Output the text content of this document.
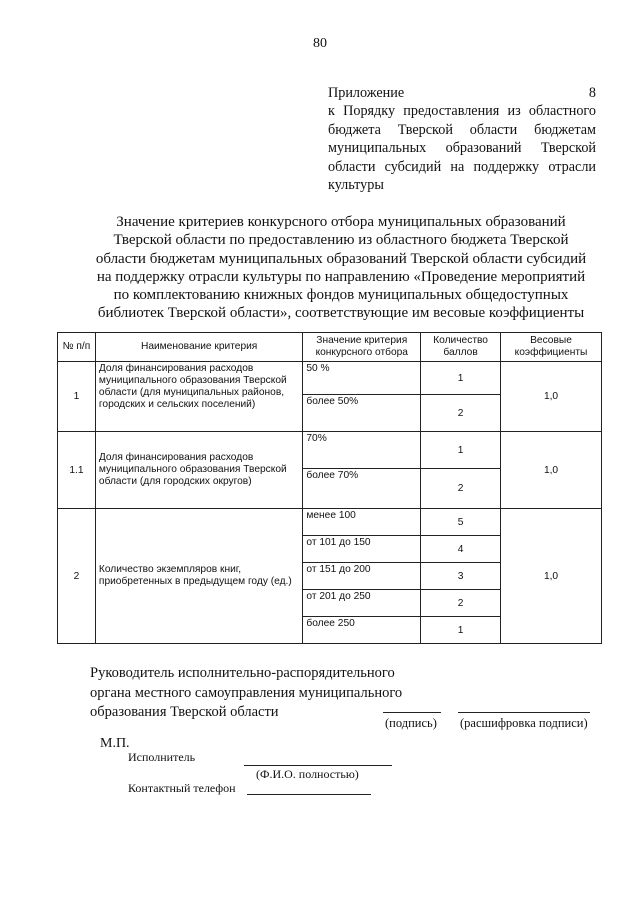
80
Приложение 8
к Порядку предоставления из областного
бюджета Тверской области бюджетам
муниципальных образований Тверской
области субсидий на поддержку отрасли
культуры
Значение критериев конкурсного отбора муниципальных образований
Тверской области по предоставлению из областного бюджета Тверской
области бюджетам муниципальных образований Тверской области субсидий
на поддержку отрасли культуры по направлению «Проведение мероприятий
по комплектованию книжных фондов муниципальных общедоступных
библиотек Тверской области», соответствующие им весовые коэффициенты
№ п/п	Наименование критерия	Значение критерия конкурсного отбора	Количество баллов	Весовые коэффициенты
1	Доля финансирования расходов муниципального образования Тверской области (для муниципальных районов, городских и сельских поселений)	50 %	1	1,0
		более 50%	2	
1.1	Доля финансирования расходов муниципального образования Тверской области (для городских округов)	70%	1	1,0
		более 70%	2	
2	Количество экземпляров книг, приобретенных в предыдущем году (ед.)	менее 100	5	1,0
		от 101 до 150	4	
		от 151 до 200	3	
		от 201 до 250	2	
		более 250	1	
Руководитель исполнительно-распорядительного
органа местного самоуправления муниципального
образования Тверской области
(подпись) (расшифровка подписи)
М.П.
Исполнитель
(Ф.И.О. полностью)
Контактный телефон
